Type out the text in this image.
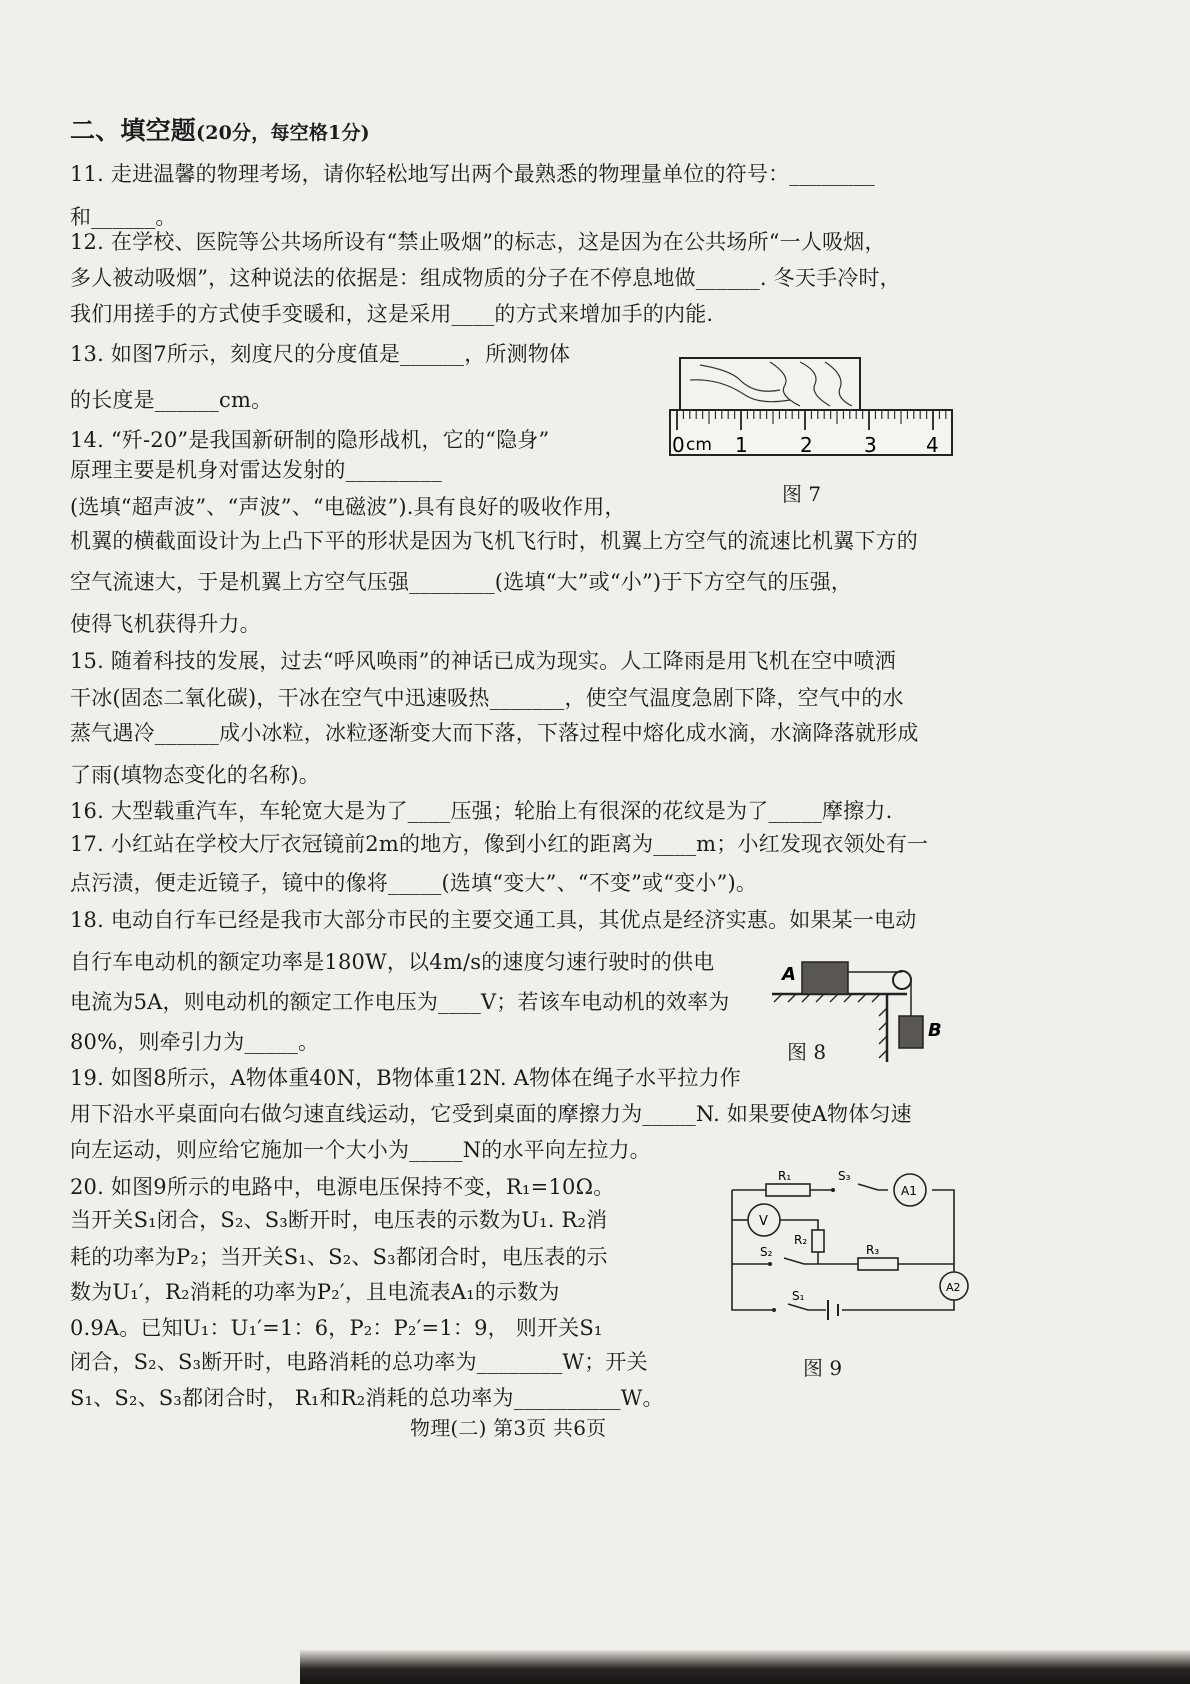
二、填空题(20分，每空格1分)
11. 走进温馨的物理考场，请你轻松地写出两个最熟悉的物理量单位的符号：________
和______。
12. 在学校、医院等公共场所设有“禁止吸烟”的标志，这是因为在公共场所“一人吸烟，
多人被动吸烟”，这种说法的依据是：组成物质的分子在不停息地做______. 冬天手冷时，
我们用搓手的方式使手变暖和，这是采用____的方式来增加手的内能.
13. 如图7所示，刻度尺的分度值是______，所测物体
的长度是______cm。
14. “歼-20”是我国新研制的隐形战机，它的“隐身”
原理主要是机身对雷达发射的_________
(选填“超声波”、“声波”、“电磁波”).具有良好的吸收作用，
机翼的横截面设计为上凸下平的形状是因为飞机飞行时，机翼上方空气的流速比机翼下方的
空气流速大，于是机翼上方空气压强________(选填“大”或“小”)于下方空气的压强，
使得飞机获得升力。
15. 随着科技的发展，过去“呼风唤雨”的神话已成为现实。人工降雨是用飞机在空中喷洒
干冰(固态二氧化碳)，干冰在空气中迅速吸热_______，使空气温度急剧下降，空气中的水
蒸气遇冷______成小冰粒，冰粒逐渐变大而下落，下落过程中熔化成水滴，水滴降落就形成
了雨(填物态变化的名称)。
16. 大型载重汽车，车轮宽大是为了____压强；轮胎上有很深的花纹是为了_____摩擦力.
17. 小红站在学校大厅衣冠镜前2m的地方，像到小红的距离为____m；小红发现衣领处有一
点污渍，便走近镜子，镜中的像将_____(选填“变大”、“不变”或“变小”)。
18. 电动自行车已经是我市大部分市民的主要交通工具，其优点是经济实惠。如果某一电动
自行车电动机的额定功率是180W，以4m/s的速度匀速行驶时的供电
电流为5A，则电动机的额定工作电压为____V；若该车电动机的效率为
80%，则牵引力为_____。
19. 如图8所示，A物体重40N，B物体重12N. A物体在绳子水平拉力作
用下沿水平桌面向右做匀速直线运动，它受到桌面的摩擦力为_____N. 如果要使A物体匀速
向左运动，则应给它施加一个大小为_____N的水平向左拉力。
20. 如图9所示的电路中，电源电压保持不变，R₁=10Ω。
当开关S₁闭合，S₂、S₃断开时，电压表的示数为U₁. R₂消
耗的功率为P₂；当开关S₁、S₂、S₃都闭合时，电压表的示
数为U₁′，R₂消耗的功率为P₂′，且电流表A₁的示数为
0.9A。已知U₁：U₁′=1：6，P₂：P₂′=1：9， 则开关S₁
闭合，S₂、S₃断开时，电路消耗的总功率为________W；开关
S₁、S₂、S₃都闭合时， R₁和R₂消耗的总功率为__________W。
cm
0	1	2	3 4
图 7
A
B
图 8
R₁
R₂
R₃
S₃
S₂
S₁
V
A1
A2
图 9
物理(二) 第3页 共6页
